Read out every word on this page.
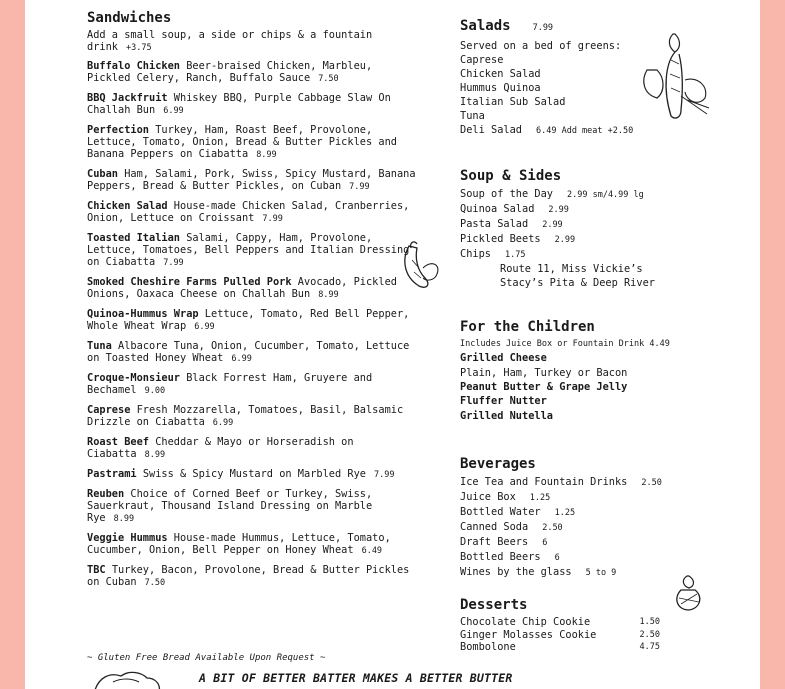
Sandwiches
Add a small soup, a side or chips & a fountain drink +3.75
Buffalo Chicken Beer-braised Chicken, Marbleu, Pickled Celery, Ranch, Buffalo Sauce 7.50
BBQ Jackfruit Whiskey BBQ, Purple Cabbage Slaw On Challah Bun 6.99
Perfection Turkey, Ham, Roast Beef, Provolone, Lettuce, Tomato, Onion, Bread & Butter Pickles and Banana Peppers on Ciabatta 8.99
Cuban Ham, Salami, Pork, Swiss, Spicy Mustard, Banana Peppers, Bread & Butter Pickles, on Cuban 7.99
Chicken Salad House-made Chicken Salad, Cranberries, Onion, Lettuce on Croissant 7.99
Toasted Italian Salami, Cappy, Ham, Provolone, Lettuce, Tomatoes, Bell Peppers and Italian Dressing on Ciabatta 7.99
Smoked Cheshire Farms Pulled Pork Avocado, Pickled Onions, Oaxaca Cheese on Challah Bun 8.99
Quinoa-Hummus Wrap Lettuce, Tomato, Red Bell Pepper, Whole Wheat Wrap 6.99
Tuna Albacore Tuna, Onion, Cucumber, Tomato, Lettuce on Toasted Honey Wheat 6.99
Croque-Monsieur Black Forrest Ham, Gruyere and Bechamel 9.00
Caprese Fresh Mozzarella, Tomatoes, Basil, Balsamic Drizzle on Ciabatta 6.99
Roast Beef Cheddar & Mayo or Horseradish on Ciabatta 8.99
Pastrami Swiss & Spicy Mustard on Marbled Rye 7.99
Reuben Choice of Corned Beef or Turkey, Swiss, Sauerkraut, Thousand Island Dressing on Marble Rye 8.99
Veggie Hummus House-made Hummus, Lettuce, Tomato, Cucumber, Onion, Bell Pepper on Honey Wheat 6.49
TBC Turkey, Bacon, Provolone, Bread & Butter Pickles on Cuban 7.50
~ Gluten Free Bread Available Upon Request ~
Salads	7.99
Served on a bed of greens:
Caprese
Chicken Salad
Hummus Quinoa
Italian Sub Salad
Tuna
Deli Salad 6.49 Add meat +2.50
Soup & Sides
Soup of the Day 2.99 sm/4.99 lg
Quinoa Salad 2.99
Pasta Salad 2.99
Pickled Beets 2.99
Chips 1.75
Route 11, Miss Vickie’s
Stacy’s Pita & Deep River
For the Children
Includes Juice Box or Fountain Drink 4.49
Grilled Cheese
Plain, Ham, Turkey or Bacon
Peanut Butter & Grape Jelly
Fluffer Nutter
Grilled Nutella
Beverages
Ice Tea and Fountain Drinks 2.50
Juice Box 1.25
Bottled Water 1.25
Canned Soda 2.50
Draft Beers 6
Bottled Beers 6
Wines by the glass 5 to 9
Desserts
Chocolate Chip Cookie	1.50
Ginger Molasses Cookie	2.50
Bombolone	4.75
A BIT OF BETTER BATTER MAKES A BETTER BUTTER
